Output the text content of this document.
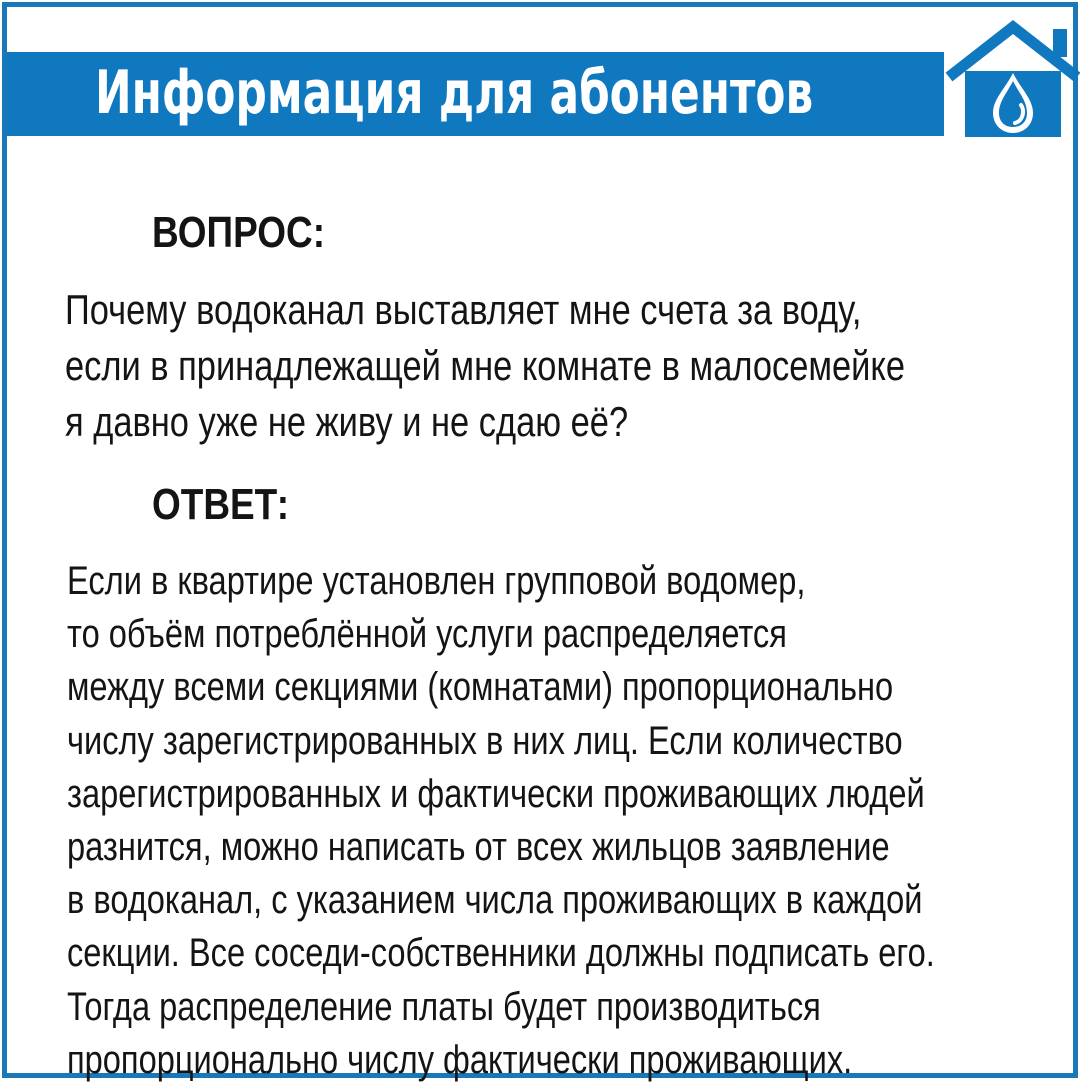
Информация для абонентов
ВОПРОС:

Почему водоканал выставляет мне счета за воду,
если в принадлежащей мне комнате в малосемейке
я давно уже не живу и не сдаю её?

ОТВЕТ:

Если в квартире установлен групповой водомер,
то объём потреблённой услуги распределяется
между всеми секциями (комнатами) пропорционально
числу зарегистрированных в них лиц. Если количество
зарегистрированных и фактически проживающих людей
разнится, можно написать от всех жильцов заявление
в водоканал, с указанием числа проживающих в каждой
секции. Все соседи-собственники должны подписать его.
Тогда распределение платы будет производиться
пропорционально числу фактически проживающих.
